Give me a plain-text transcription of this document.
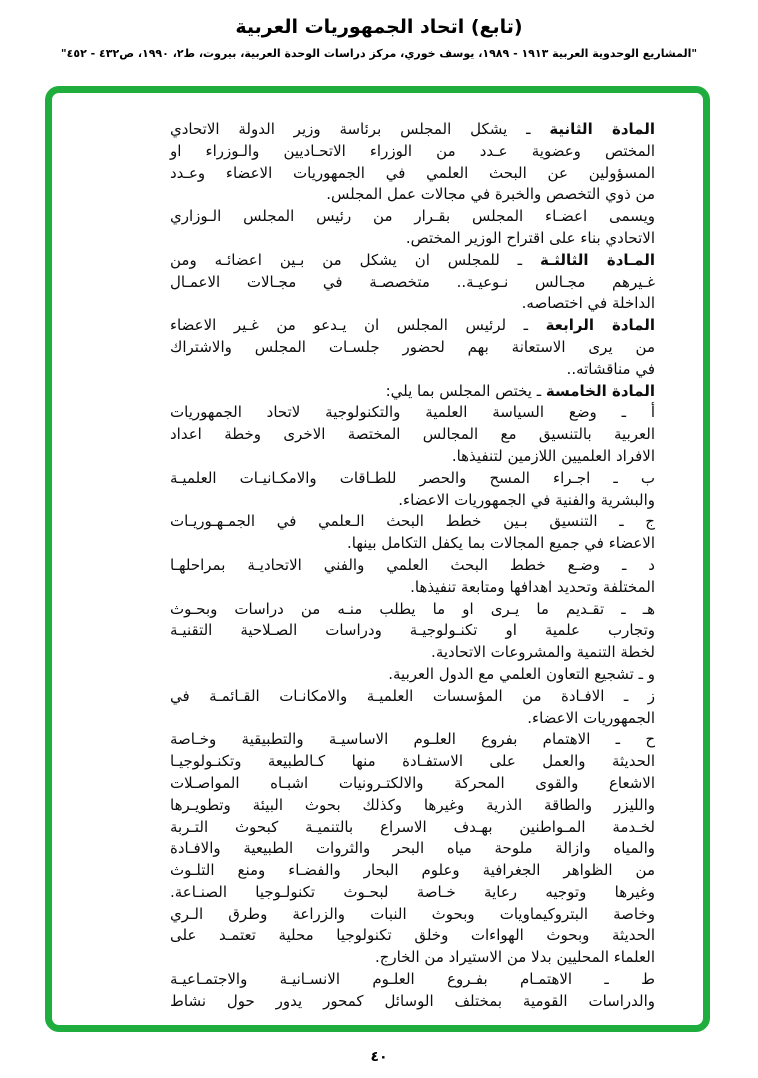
(تابع) اتحاد الجمهوريات العربية
"المشاريع الوحدوية العربية ١٩١٣ - ١٩٨٩، يوسف خوري، مركز دراسات الوحدة العربية، بيروت، ط٢، ١٩٩٠، ص٤٣٢ - ٤٥٢"
المادة الثانية ـ يشكل المجلس برئاسة وزير الدولة الاتحادي
المختص وعضوية عـدد من الوزراء الاتحـاديين والـوزراء او
المسؤولين عن البحث العلمي في الجمهوريات الاعضاء وعـدد
من ذوي التخصص والخبرة في مجالات عمل المجلس.
ويسمى اعضـاء المجلس بقـرار من رئيس المجلس الـوزاري
الاتحادي بناء على اقتراح الوزير المختص.
المـادة الثالثـة ـ للمجلس ان يشكل من بـين اعضائـه ومن
غـيرهم مجـالس نـوعيـة.. متخصصـة في مجـالات الاعمـال
الداخلة في اختصاصه.
المادة الرابعة ـ لرئيس المجلس ان يـدعو من غـير الاعضاء
من يرى الاستعانة بهم لحضور جلسـات المجلس والاشتراك
في مناقشاته..
المادة الخامسة ـ يختص المجلس بما يلي:
أ ـ وضع السياسة العلمية والتكنولوجية لاتحاد الجمهوريات
العربية بالتنسيق مع المجالس المختصة الاخرى وخطة اعداد
الافراد العلميين اللازمين لتنفيذها.
ب ـ اجـراء المسح والحصر للطـاقات والامكـانيـات العلميـة
والبشرية والفنية في الجمهوريات الاعضاء.
ج ـ التنسيق بـين خطط البحث الـعلمي في الجمـهـوريـات
الاعضاء في جميع المجالات بما يكفل التكامل بينها.
د ـ وضـع خطط البحث العلمي والفني الاتحاديـة بمراحلهـا
المختلفة وتحديد اهدافها ومتابعة تنفيذها.
هـ ـ تقـديم ما يـرى او ما يطلب منـه من دراسات وبحـوث
وتجارب علمية او تكنـولوجيـة ودراسات الصـلاحية التقنيـة
لخطة التنمية والمشروعات الاتحادية.
و ـ تشجيع التعاون العلمي مع الدول العربية.
ز ـ الافـادة من المؤسسات العلميـة والامكانـات القـائمـة في
الجمهوريات الاعضاء.
ح ـ الاهتمام بفروع العلـوم الاساسيـة والتطبيقية وخـاصة
الحديثة والعمل على الاستفـادة منها كـالطبيعة وتكنـولوجيـا
الاشعاع والقوى المحركة والالكتـرونيات اشبـاه المواصـلات
والليزر والطاقة الذرية وغيرها وكذلك بحوث البيئة وتطويـرها
لخـدمة المـواطنين بهـدف الاسراع بالتنميـة كبحوث التـربة
والمياه وازالة ملوحة مياه البحر والثروات الطبيعية والافـادة
من الظواهر الجغرافية وعلوم البحار والفضـاء ومنع التلـوث
وغيرها وتوجيه رعاية خـاصة لبحـوث تكنولـوجيا الصنـاعة.
وخاصة البتروكيماويات وبحوث النبات والزراعة وطرق الـري
الحديثة وبحوث الهواءات وخلق تكنولوجيا محلية تعتمـد على
العلماء المحليين بدلا من الاستيراد من الخارج.
ط ـ الاهتمـام بفـروع العلـوم الانسـانيـة والاجتمـاعيـة
والدراسات القومية بمختلف الوسائل كمحور يدور حول نشاط
٤٠
